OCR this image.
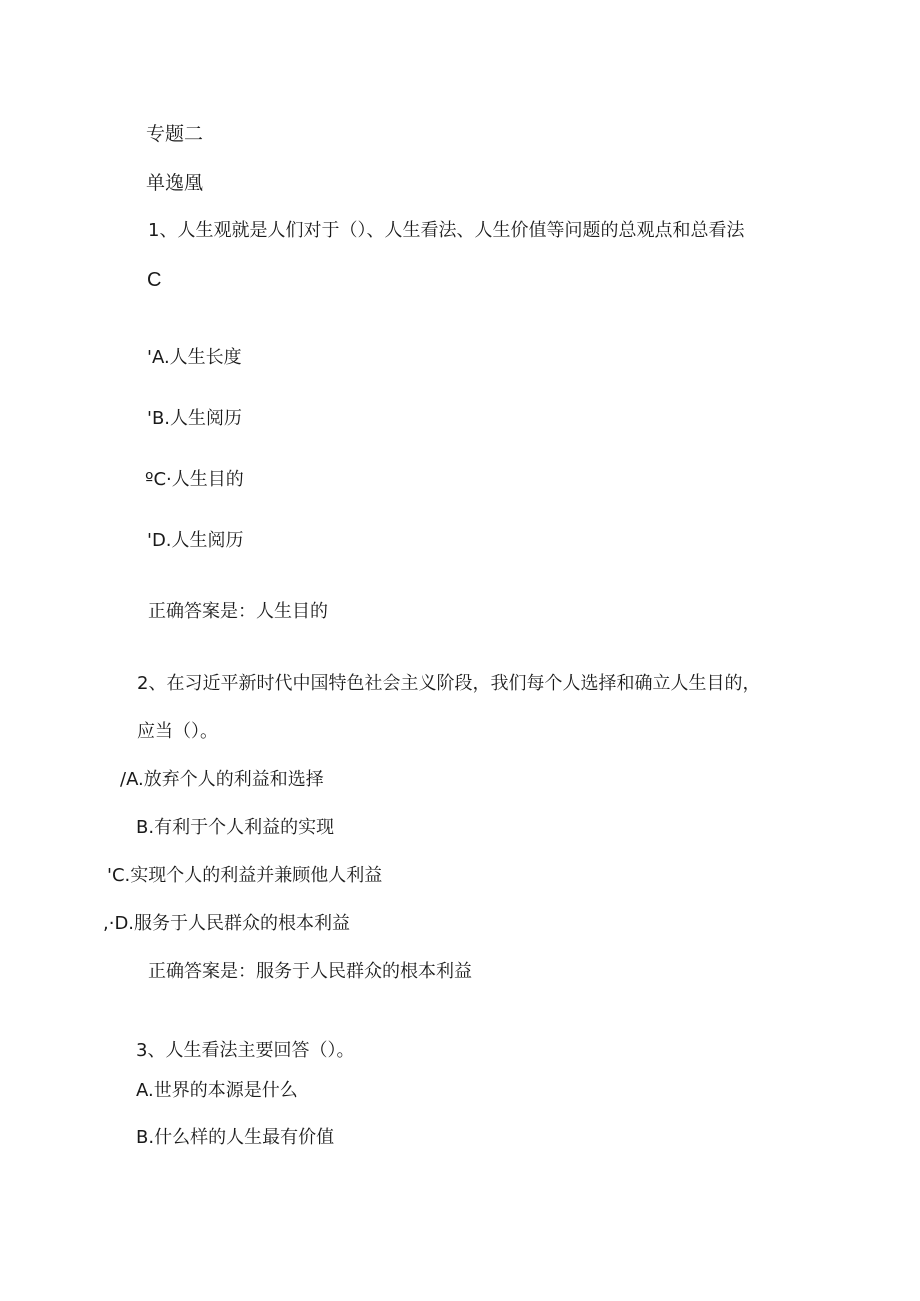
专题二
单逸凰
1、人生观就是人们对于（）、人生看法、人生价值等问题的总观点和总看法
C
'A.人生长度
'B.人生阅历
ºC·人生目的
'D.人生阅历
正确答案是：人生目的
2、在习近平新时代中国特色社会主义阶段，我们每个人选择和确立人生目的，
应当（）。
/A.放弃个人的利益和选择
B.有利于个人利益的实现
'C.实现个人的利益并兼顾他人利益
,·D.服务于人民群众的根本利益
正确答案是：服务于人民群众的根本利益
3、人生看法主要回答（）。
A.世界的本源是什么
B.什么样的人生最有价值
